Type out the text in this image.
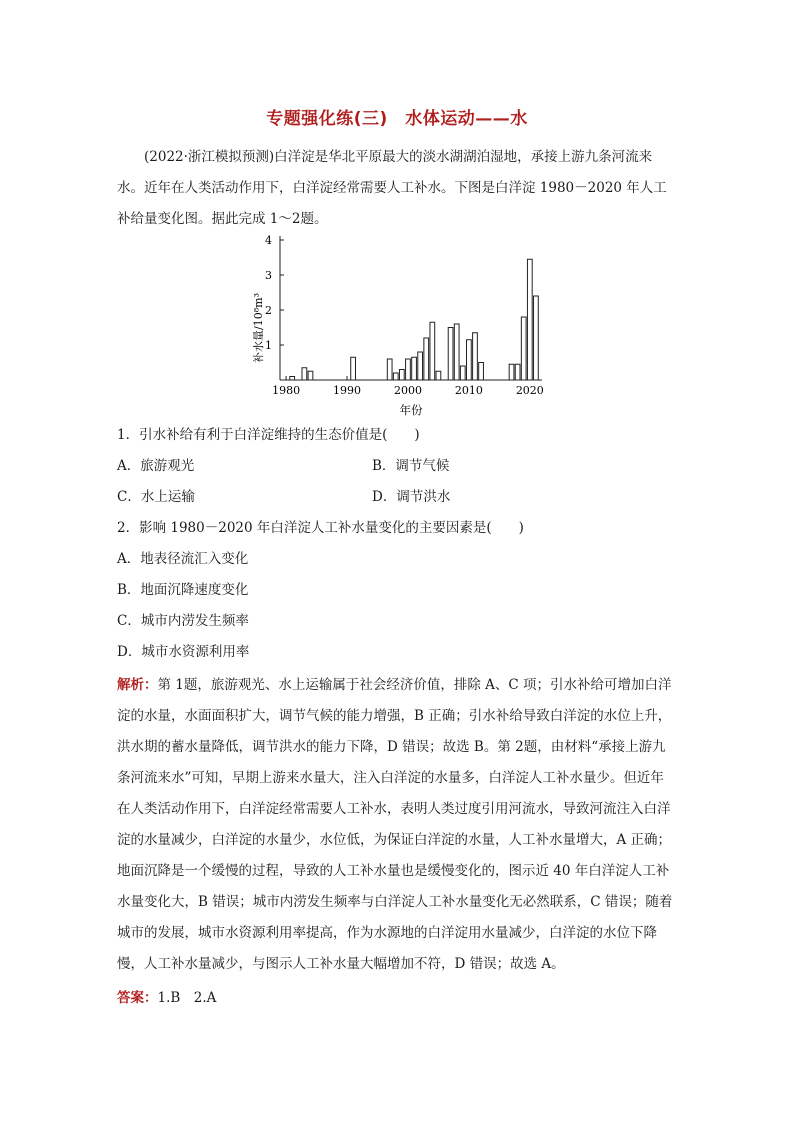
专题强化练(三)　水体运动——水
(2022·浙江模拟预测)白洋淀是华北平原最大的淡水湖湖泊湿地，承接上游九条河流来水。近年在人类活动作用下，白洋淀经常需要人工补水。下图是白洋淀 1980－2020 年人工补给量变化图。据此完成 1～2题。
1
2
3
4
1980	1990	2000	2010	2020
补水量/10⁸m³
年份
1．引水补给有利于白洋淀维持的生态价值是(　　)
A．旅游观光	B．调节气候
C．水上运输	D．调节洪水
2．影响 1980－2020 年白洋淀人工补水量变化的主要因素是(　　)
A．地表径流汇入变化
B．地面沉降速度变化
C．城市内涝发生频率
D．城市水资源利用率
解析：第 1题，旅游观光、水上运输属于社会经济价值，排除 A、C 项；引水补给可增加白洋淀的水量，水面面积扩大，调节气候的能力增强，B 正确；引水补给导致白洋淀的水位上升，洪水期的蓄水量降低，调节洪水的能力下降，D 错误；故选 B。第 2题，由材料“承接上游九条河流来水”可知，早期上游来水量大，注入白洋淀的水量多，白洋淀人工补水量少。但近年在人类活动作用下，白洋淀经常需要人工补水，表明人类过度引用河流水，导致河流注入白洋淀的水量减少，白洋淀的水量少，水位低，为保证白洋淀的水量，人工补水量增大，A 正确；地面沉降是一个缓慢的过程，导致的人工补水量也是缓慢变化的，图示近 40 年白洋淀人工补水量变化大，B 错误；城市内涝发生频率与白洋淀人工补水量变化无必然联系，C 错误；随着城市的发展，城市水资源利用率提高，作为水源地的白洋淀用水量减少，白洋淀的水位下降慢，人工补水量减少，与图示人工补水量大幅增加不符，D 错误；故选 A。
答案：1.B　2.A
